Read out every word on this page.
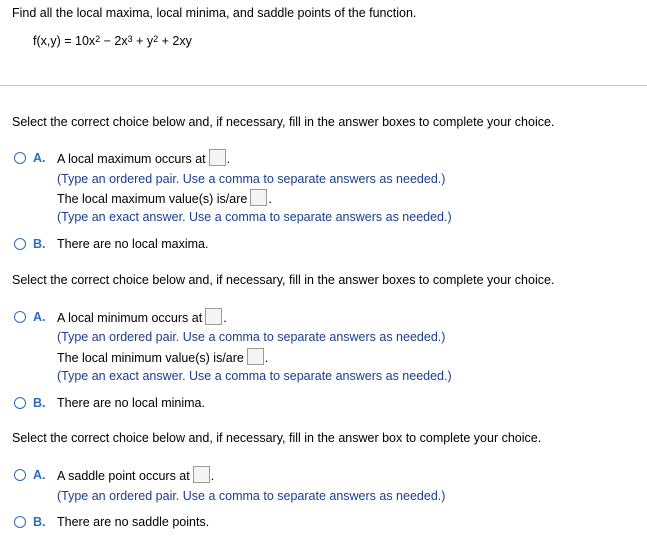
Find all the local maxima, local minima, and saddle points of the function.
$f(x,y) = 10x^2 - 2x^3 + y^2 + 2xy$
Select the correct choice below and, if necessary, fill in the answer boxes to complete your choice.
A. A local maximum occurs at .
(Type an ordered pair. Use a comma to separate answers as needed.)
The local maximum value(s) is/are .
(Type an exact answer. Use a comma to separate answers as needed.)
B. There are no local maxima.
Select the correct choice below and, if necessary, fill in the answer boxes to complete your choice.
A. A local minimum occurs at .
(Type an ordered pair. Use a comma to separate answers as needed.)
The local minimum value(s) is/are .
(Type an exact answer. Use a comma to separate answers as needed.)
B. There are no local minima.
Select the correct choice below and, if necessary, fill in the answer box to complete your choice.
A. A saddle point occurs at .
(Type an ordered pair. Use a comma to separate answers as needed.)
B. There are no saddle points.
